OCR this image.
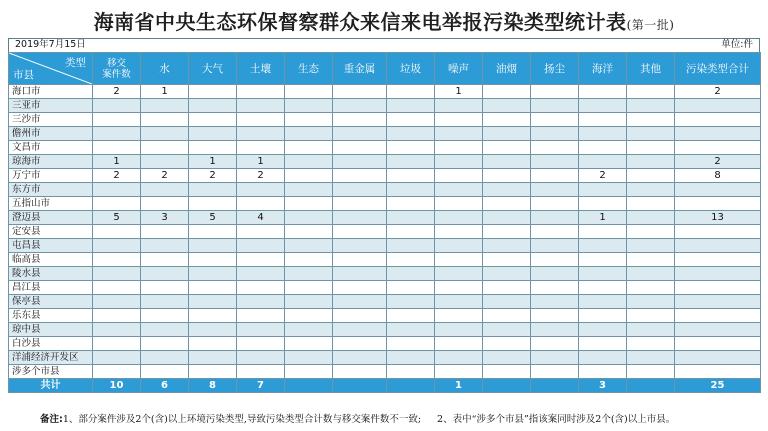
海南省中央生态环保督察群众来信来电举报污染类型统计表(第一批)
2019年7月15日	单位:件
市县
类型	移交
案件数	水	大气	土壤	生态	重金属	垃圾	噪声	油烟	扬尘	海洋	其他	污染类型合计
海口市	2	1						1					2
三亚市													
三沙市													
儋州市													
文昌市													
琼海市	1		1	1									2
万宁市	2	2	2	2							2		8
东方市													
五指山市													
澄迈县	5	3	5	4							1		13
定安县													
屯昌县													
临高县													
陵水县													
昌江县													
保亭县													
乐东县													
琼中县													
白沙县													
洋浦经济开发区													
涉多个市县													
共计	10	6	8	7				1			3		25
备注:1、部分案件涉及2个(含)以上环境污染类型,导致污染类型合计数与移交案件数不一致; 2、表中“涉多个市县”指该案同时涉及2个(含)以上市县。
